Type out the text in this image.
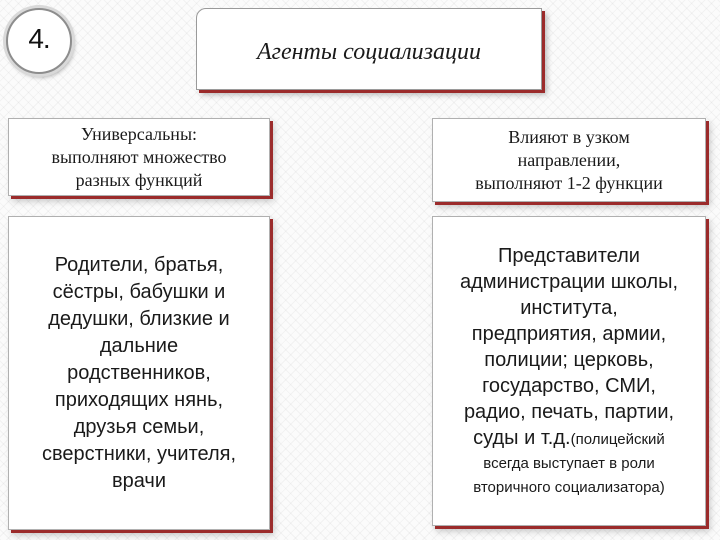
4.	Агенты социализации
Универсальны:
выполняют множество
разных функций
Влияют в узком
направлении,
выполняют 1-2 функции
Родители, братья,
сёстры, бабушки и
дедушки, близкие и
дальние
родственников,
приходящих нянь,
друзья семьи,
сверстники, учителя,
врачи
Представители
администрации школы,
института,
предприятия, армии,
полиции; церковь,
государство, СМИ,
радио, печать, партии,
суды и т.д.(полицейский
всегда выступает в роли
вторичного социализатора)
